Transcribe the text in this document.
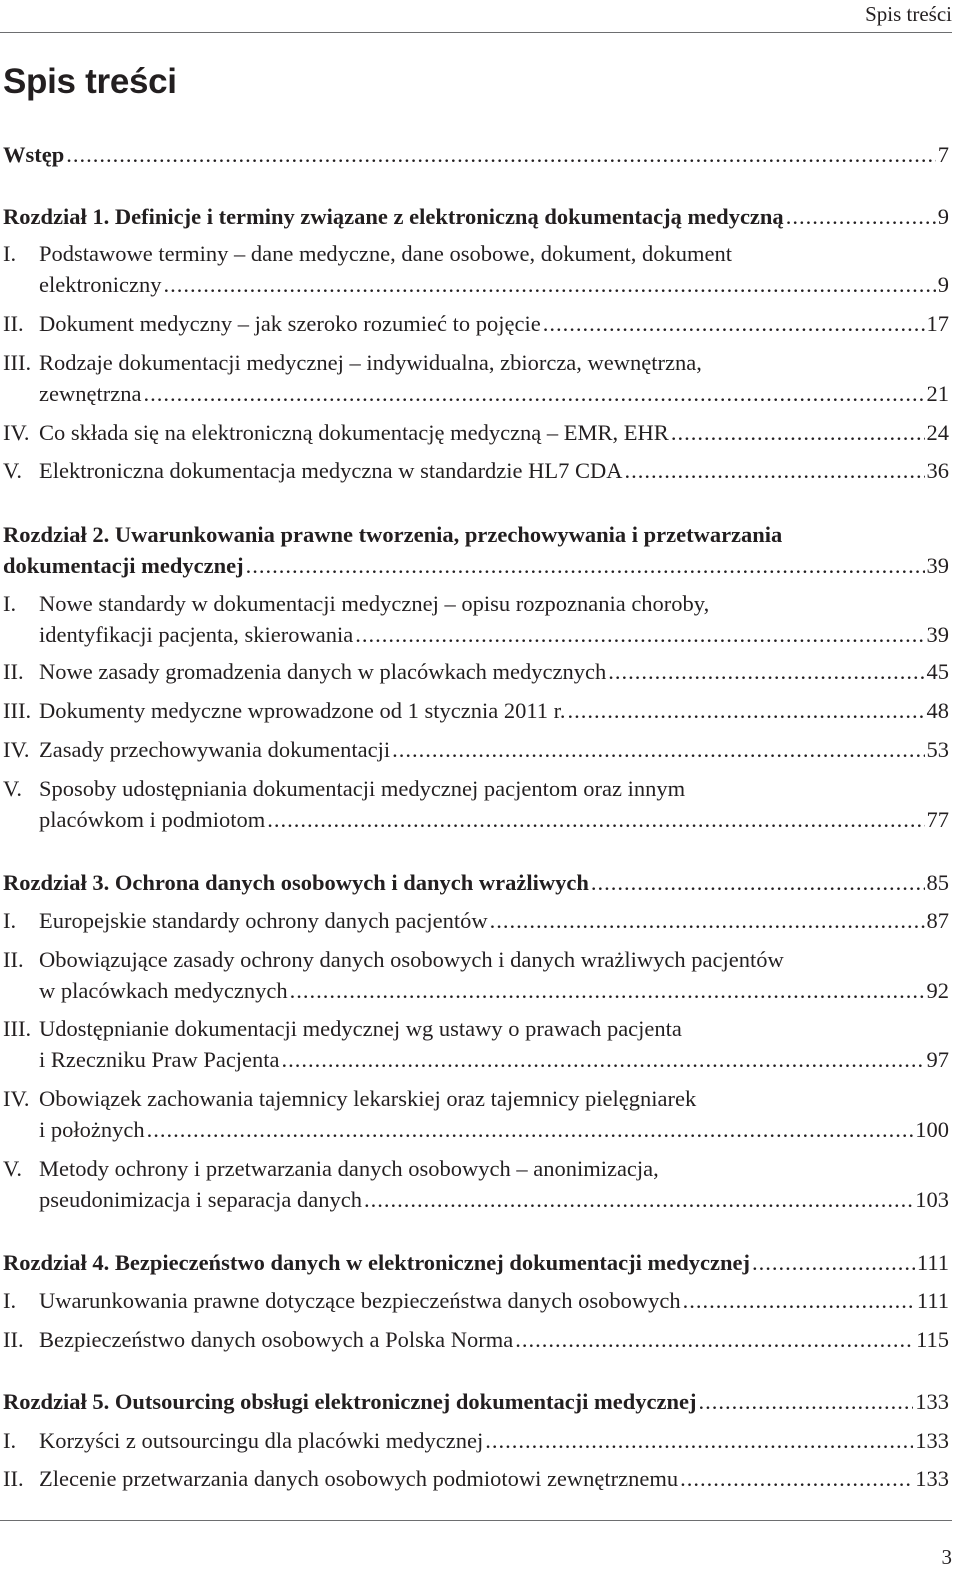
Spis treści
Spis treści
Wstęp .....	7
Rozdział 1. Definicje i terminy związane z elektroniczną dokumentacją medyczną .....	9
I.	Podstawowe terminy – dane medyczne, dane osobowe, dokument, dokument
elektroniczny .....	9
II. Dokument medyczny – jak szeroko rozumieć to pojęcie .....	17
III. Rodzaje dokumentacji medycznej – indywidualna, zbiorcza, wewnętrzna,
zewnętrzna .....	21
IV. Co składa się na elektroniczną dokumentację medyczną – EMR, EHR .....	24
V. Elektroniczna dokumentacja medyczna w standardzie HL7 CDA .....	36
Rozdział 2. Uwarunkowania prawne tworzenia, przechowywania i przetwarzania
dokumentacji medycznej .....	39
I.	Nowe standardy w dokumentacji medycznej – opisu rozpoznania choroby,
identyfikacji pacjenta, skierowania .....	39
II. Nowe zasady gromadzenia danych w placówkach medycznych .....	45
III. Dokumenty medyczne wprowadzone od 1 stycznia 2011 r. .....	48
IV. Zasady przechowywania dokumentacji .....	53
V. Sposoby udostępniania dokumentacji medycznej pacjentom oraz innym
placówkom i podmiotom .....	77
Rozdział 3. Ochrona danych osobowych i danych wrażliwych .....	85
I. Europejskie standardy ochrony danych pacjentów .....	87
II. Obowiązujące zasady ochrony danych osobowych i danych wrażliwych pacjentów
w placówkach medycznych .....	92
III. Udostępnianie dokumentacji medycznej wg ustawy o prawach pacjenta
i Rzeczniku Praw Pacjenta .....	97
IV. Obowiązek zachowania tajemnicy lekarskiej oraz tajemnicy pielęgniarek
i położnych .....	100
V. Metody ochrony i przetwarzania danych osobowych – anonimizacja,
pseudonimizacja i separacja danych .....	103
Rozdział 4. Bezpieczeństwo danych w elektronicznej dokumentacji medycznej .....	111
I. Uwarunkowania prawne dotyczące bezpieczeństwa danych osobowych .....	111
II. Bezpieczeństwo danych osobowych a Polska Norma .....	115
Rozdział 5. Outsourcing obsługi elektronicznej dokumentacji medycznej .....	133
I. Korzyści z outsourcingu dla placówki medycznej .....	133
II. Zlecenie przetwarzania danych osobowych podmiotowi zewnętrznemu .....	133
3
